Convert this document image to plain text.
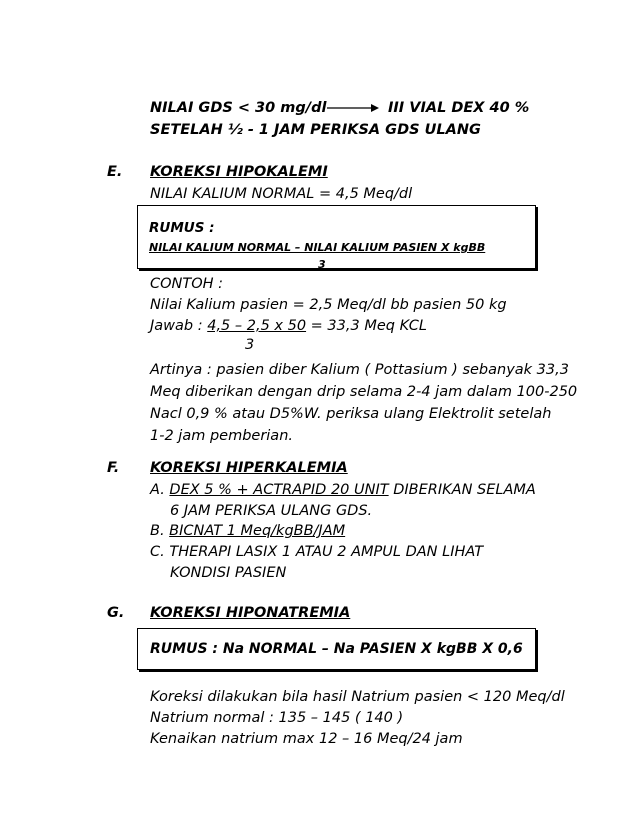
NILAI GDS < 30 mg/dl	III VIAL DEX 40 %
SETELAH ½ - 1 JAM PERIKSA GDS ULANG
E. KOREKSI HIPOKALEMI
NILAI KALIUM NORMAL = 4,5 Meq/dl
RUMUS :
NILAI KALIUM NORMAL – NILAI KALIUM PASIEN X kgBB
3
CONTOH :
Nilai Kalium pasien = 2,5 Meq/dl bb pasien 50 kg
Jawab : 4,5 – 2,5 x 50 = 33,3 Meq KCL
3
Artinya : pasien diber Kalium ( Pottasium ) sebanyak 33,3
Meq diberikan dengan drip selama 2-4 jam dalam 100-250
Nacl 0,9 % atau D5%W. periksa ulang Elektrolit setelah
1-2 jam pemberian.
F. KOREKSI HIPERKALEMIA
A. DEX 5 % + ACTRAPID 20 UNIT DIBERIKAN SELAMA
6 JAM PERIKSA ULANG GDS.
B. BICNAT 1 Meq/kgBB/JAM
C. THERAPI LASIX 1 ATAU 2 AMPUL DAN LIHAT
KONDISI PASIEN
G. KOREKSI HIPONATREMIA
RUMUS : Na NORMAL – Na PASIEN X kgBB X 0,6
Koreksi dilakukan bila hasil Natrium pasien < 120 Meq/dl
Natrium normal : 135 – 145 ( 140 )
Kenaikan natrium max 12 – 16 Meq/24 jam
